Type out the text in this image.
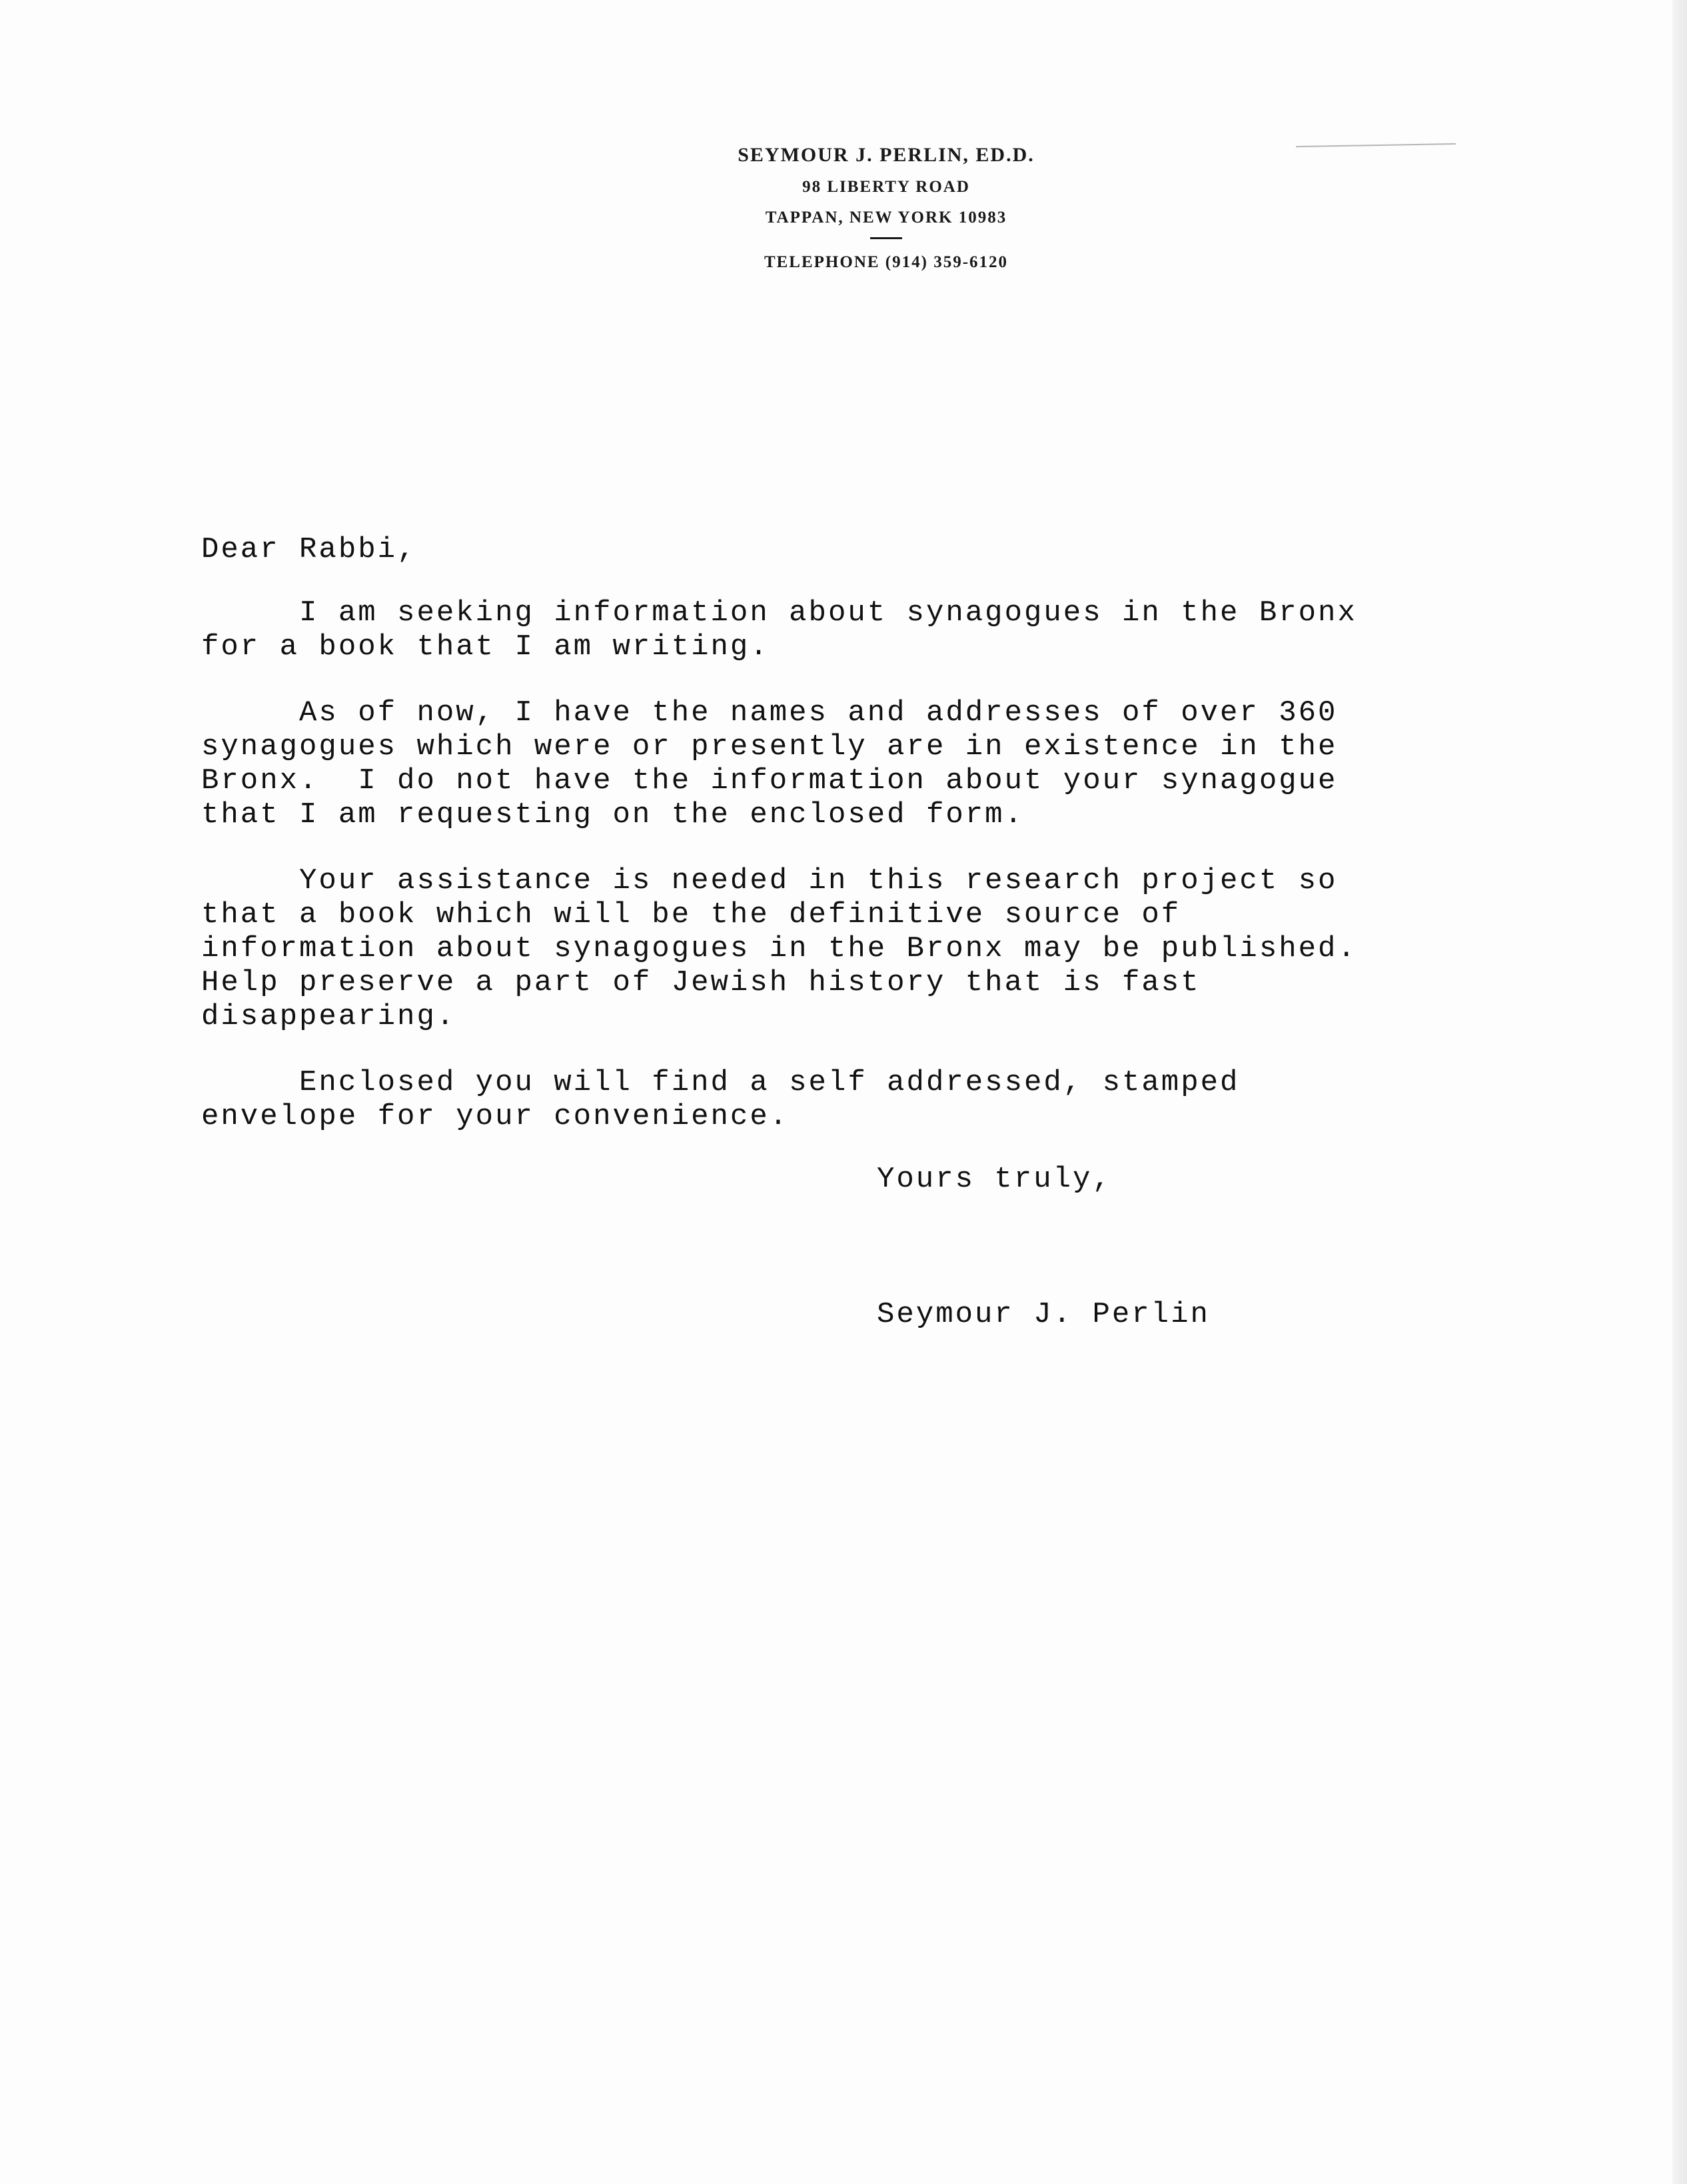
SEYMOUR J. PERLIN, ED.D.
98 LIBERTY ROAD
TAPPAN, NEW YORK 10983
TELEPHONE (914) 359-6120
Dear Rabbi,
I am seeking information about synagogues in the Bronx
for a book that I am writing.
As of now, I have the names and addresses of over 360
synagogues which were or presently are in existence in the
Bronx.  I do not have the information about your synagogue
that I am requesting on the enclosed form.
Your assistance is needed in this research project so
that a book which will be the definitive source of
information about synagogues in the Bronx may be published.
Help preserve a part of Jewish history that is fast
disappearing.
Enclosed you will find a self addressed, stamped
envelope for your convenience.
Yours truly,
Seymour J. Perlin
